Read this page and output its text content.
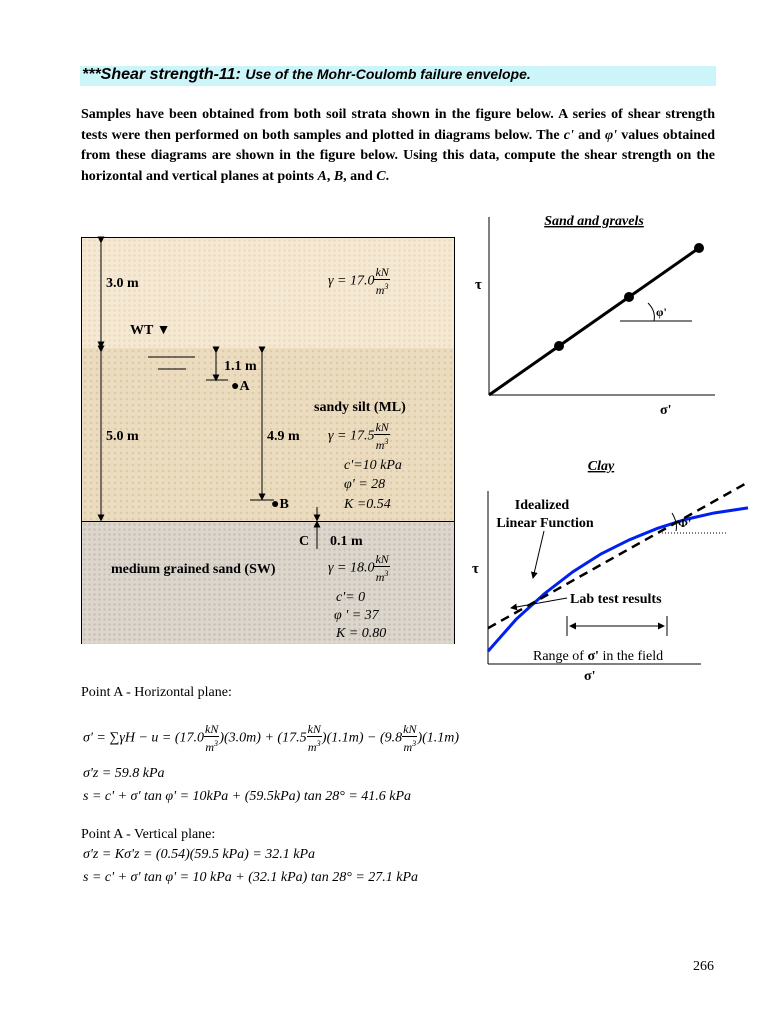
***Shear strength-11: Use of the Mohr-Coulomb failure envelope.
Samples have been obtained from both soil strata shown in the figure below. A series of shear strength tests were then performed on both samples and plotted in diagrams below. The c' and φ' values obtained from these diagrams are shown in the figure below. Using this data, compute the shear strength on the horizontal and vertical planes at points A, B, and C.
3.0 m	$\gamma = 17.0 \frac{kN}{m^3}$
WT ▼
1.1 m
●A
sandy silt (ML)
5.0 m	4.9 m $\gamma = 17.5 \frac{kN}{m^3}$
c'=10 kPa
φ' = 28
K =0.54
●B
C 0.1 m
medium grained sand (SW)	$\gamma = 18.0 \frac{kN}{m^3}$
c'= 0
φ ' = 37
K = 0.80
Sand and gravels
τ
σ'
φ'
Clay
τ
σ'
Φ'
Idealized
Linear Function
Lab test results
Range of σ' in the field
Point A - Horizontal plane:
$\sigma' = \sum\gamma H - u = (17.0 \frac{kN}{m^3} )(3.0m) + (17.5 \frac{kN}{m^3} )(1.1m) - (9.8 \frac{kN}{m^3} )(1.1m)$
σ'z = 59.8 kPa
s = c' + σ' tan φ' = 10kPa + (59.5kPa) tan 28° = 41.6 kPa
Point A - Vertical plane:
σ'z = Kσ'z = (0.54)(59.5 kPa) = 32.1 kPa
s = c' + σ' tan φ' = 10 kPa + (32.1 kPa) tan 28° = 27.1 kPa
266
